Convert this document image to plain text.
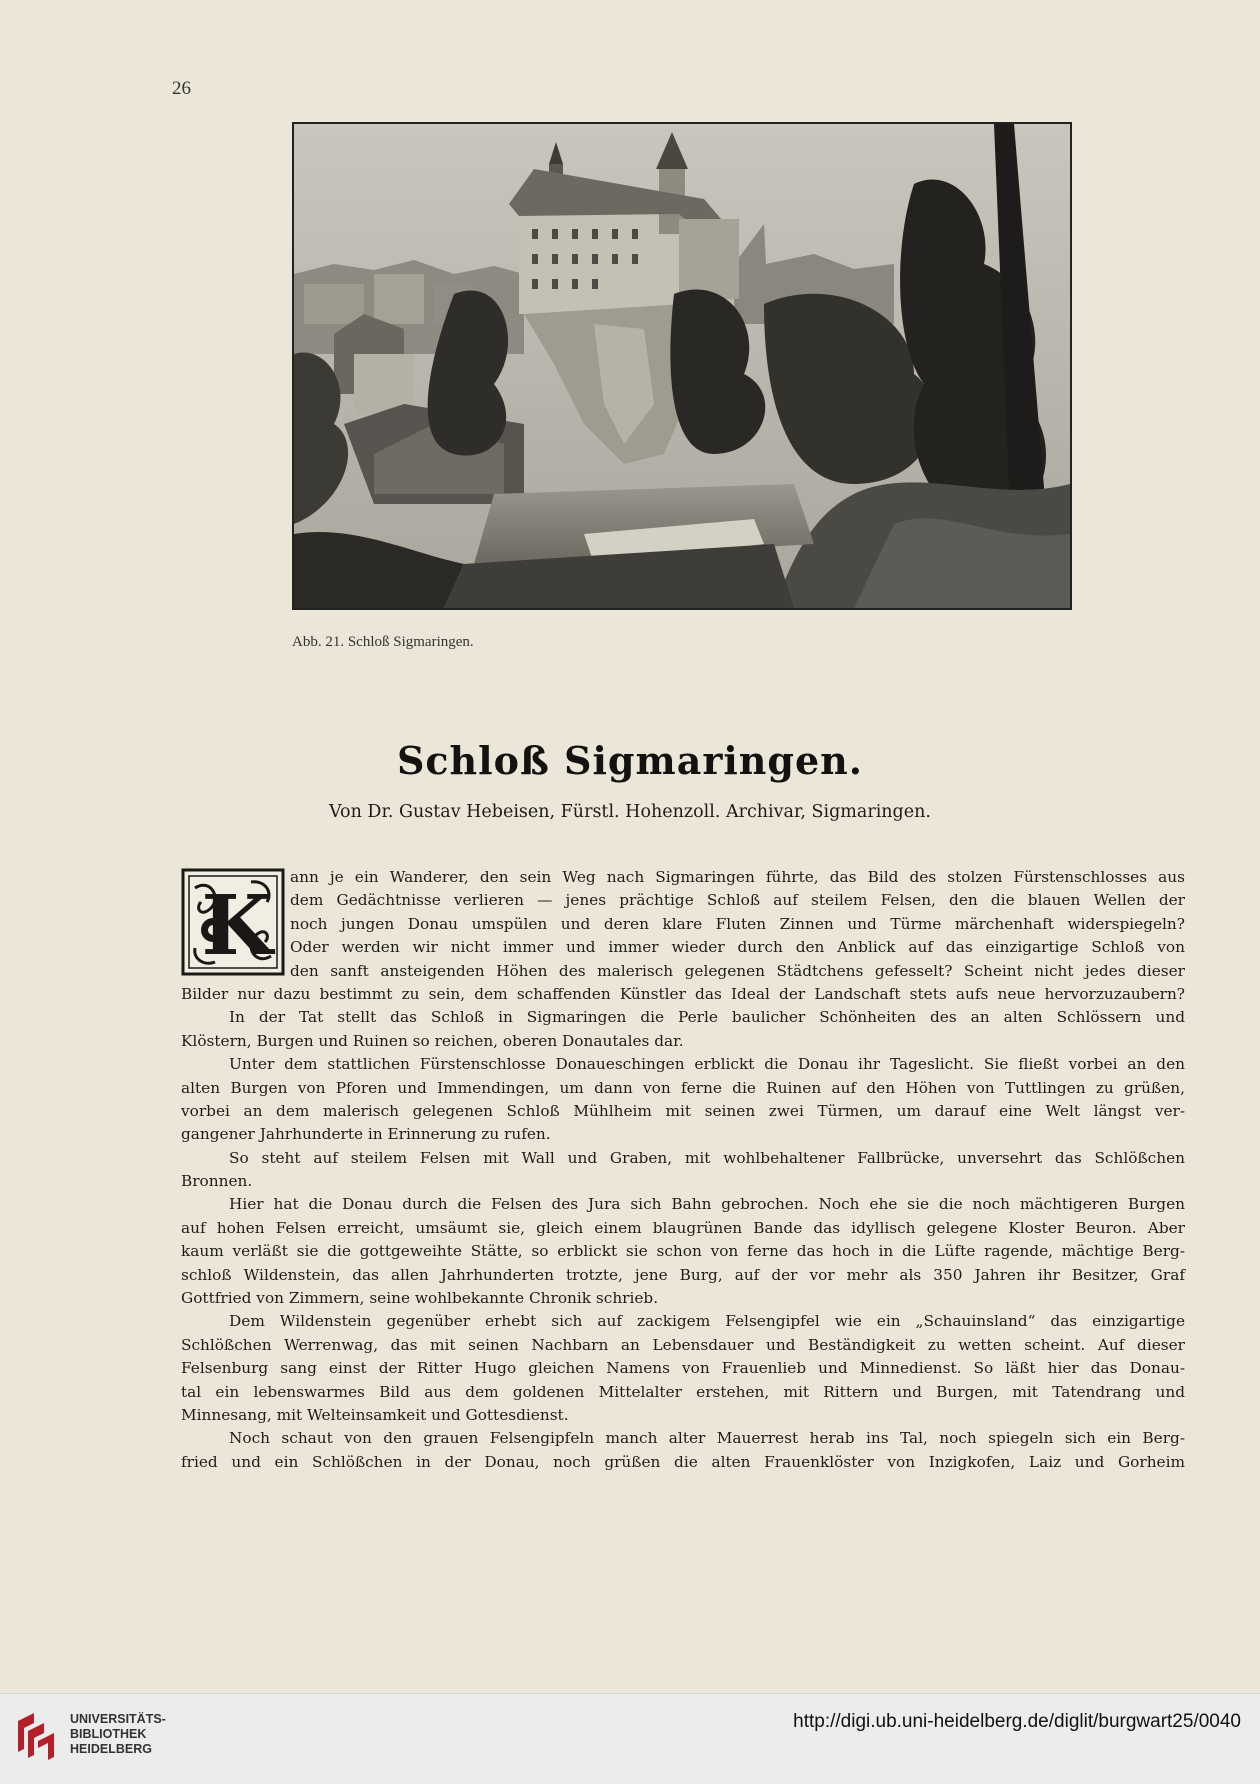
26
Abb. 21. Schloß Sigmaringen.
Schloß Sigmaringen.
Von Dr. Gustav Hebeisen, Fürstl. Hohenzoll. Archivar, Sigmaringen.
K
ann je ein Wanderer, den sein Weg nach Sigmaringen führte, das Bild des stolzen Fürstenschlosses aus
dem Gedächtnisse verlieren — jenes prächtige Schloß auf steilem Felsen, den die blauen Wellen der
noch jungen Donau umspülen und deren klare Fluten Zinnen und Türme märchenhaft widerspiegeln?
Oder werden wir nicht immer und immer wieder durch den Anblick auf das einzigartige Schloß von
den sanft ansteigenden Höhen des malerisch gelegenen Städtchens gefesselt? Scheint nicht jedes dieser
Bilder nur dazu bestimmt zu sein, dem schaffenden Künstler das Ideal der Landschaft stets aufs neue hervorzuzaubern?
In der Tat stellt das Schloß in Sigmaringen die Perle baulicher Schönheiten des an alten Schlössern und
Klöstern, Burgen und Ruinen so reichen, oberen Donautales dar.
Unter dem stattlichen Fürstenschlosse Donaueschingen erblickt die Donau ihr Tageslicht. Sie fließt vorbei an den
alten Burgen von Pforen und Immendingen, um dann von ferne die Ruinen auf den Höhen von Tuttlingen zu grüßen,
vorbei an dem malerisch gelegenen Schloß Mühlheim mit seinen zwei Türmen, um darauf eine Welt längst ver-
gangener Jahrhunderte in Erinnerung zu rufen.
So steht auf steilem Felsen mit Wall und Graben, mit wohlbehaltener Fallbrücke, unversehrt das Schlößchen
Bronnen.
Hier hat die Donau durch die Felsen des Jura sich Bahn gebrochen. Noch ehe sie die noch mächtigeren Burgen
auf hohen Felsen erreicht, umsäumt sie, gleich einem blaugrünen Bande das idyllisch gelegene Kloster Beuron. Aber
kaum verläßt sie die gottgeweihte Stätte, so erblickt sie schon von ferne das hoch in die Lüfte ragende, mächtige Berg-
schloß Wildenstein, das allen Jahrhunderten trotzte, jene Burg, auf der vor mehr als 350 Jahren ihr Besitzer, Graf
Gottfried von Zimmern, seine wohlbekannte Chronik schrieb.
Dem Wildenstein gegenüber erhebt sich auf zackigem Felsengipfel wie ein „Schauinsland“ das einzigartige
Schlößchen Werrenwag, das mit seinen Nachbarn an Lebensdauer und Beständigkeit zu wetten scheint. Auf dieser
Felsenburg sang einst der Ritter Hugo gleichen Namens von Frauenlieb und Minnedienst. So läßt hier das Donau-
tal ein lebenswarmes Bild aus dem goldenen Mittelalter erstehen, mit Rittern und Burgen, mit Tatendrang und
Minnesang, mit Welteinsamkeit und Gottesdienst.
Noch schaut von den grauen Felsengipfeln manch alter Mauerrest herab ins Tal, noch spiegeln sich ein Berg-
fried und ein Schlößchen in der Donau, noch grüßen die alten Frauenklöster von Inzigkofen, Laiz und Gorheim
UNIVERSITÄTS-
BIBLIOTHEK
HEIDELBERG
http://digi.ub.uni-heidelberg.de/diglit/burgwart25/0040
